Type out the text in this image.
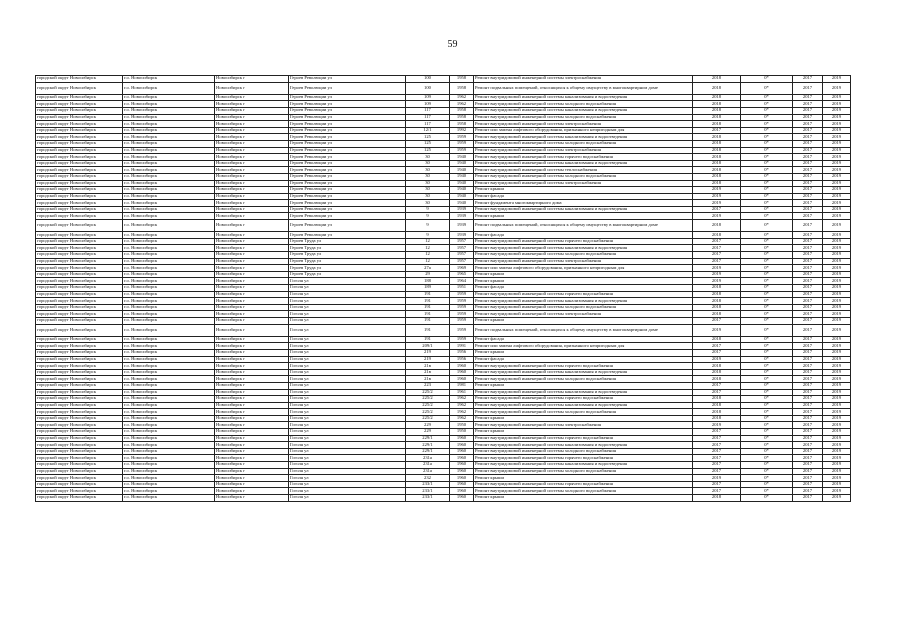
59
городской округ Новосибирск	г.о. Новосибирск	Новосибирск г	Героев Революции ул	100	1958	Ремонт внутридомовой инженерной системы электроснабжения	2018	0*	2017	2019
городской округ Новосибирск	г.о. Новосибирск	Новосибирск г	Героев Революции ул	100	1958	Ремонт подвальных помещений, относящихся к общему имуществу в многоквартирном доме	2018	0*	2017	2019
городской округ Новосибирск	г.о. Новосибирск	Новосибирск г	Героев Революции ул	109	1962	Ремонт внутридомовой инженерной системы канализования и водоотведения	2018	0*	2017	2019
городской округ Новосибирск	г.о. Новосибирск	Новосибирск г	Героев Революции ул	109	1962	Ремонт внутридомовой инженерной системы холодного водоснабжения	2018	0*	2017	2019
городской округ Новосибирск	г.о. Новосибирск	Новосибирск г	Героев Революции ул	117	1958	Ремонт внутридомовой инженерной системы канализования и водоотведения	2018	0*	2017	2019
городской округ Новосибирск	г.о. Новосибирск	Новосибирск г	Героев Революции ул	117	1958	Ремонт внутридомовой инженерной системы холодного водоснабжения	2018	0*	2017	2019
городской округ Новосибирск	г.о. Новосибирск	Новосибирск г	Героев Революции ул	117	1958	Ремонт внутридомовой инженерной системы электроснабжения	2018	0*	2017	2019
городской округ Новосибирск	г.о. Новосибирск	Новосибирск г	Героев Революции ул	12/1	1992	Ремонт или замена лифтового оборудования, признанного непригодным для	2017	0*	2017	2019
городской округ Новосибирск	г.о. Новосибирск	Новосибирск г	Героев Революции ул	125	1959	Ремонт внутридомовой инженерной системы канализования и водоотведения	2018	0*	2017	2019
городской округ Новосибирск	г.о. Новосибирск	Новосибирск г	Героев Революции ул	125	1959	Ремонт внутридомовой инженерной системы холодного водоснабжения	2018	0*	2017	2019
городской округ Новосибирск	г.о. Новосибирск	Новосибирск г	Героев Революции ул	125	1959	Ремонт внутридомовой инженерной системы электроснабжения	2018	0*	2017	2019
городской округ Новосибирск	г.о. Новосибирск	Новосибирск г	Героев Революции ул	30	1940	Ремонт внутридомовой инженерной системы горячего водоснабжения	2018	0*	2017	2019
городской округ Новосибирск	г.о. Новосибирск	Новосибирск г	Героев Революции ул	30	1940	Ремонт внутридомовой инженерной системы канализования и водоотведения	2018	0*	2017	2019
городской округ Новосибирск	г.о. Новосибирск	Новосибирск г	Героев Революции ул	30	1940	Ремонт внутридомовой инженерной системы теплоснабжения	2018	0*	2017	2019
городской округ Новосибирск	г.о. Новосибирск	Новосибирск г	Героев Революции ул	30	1940	Ремонт внутридомовой инженерной системы холодного водоснабжения	2018	0*	2017	2019
городской округ Новосибирск	г.о. Новосибирск	Новосибирск г	Героев Революции ул	30	1940	Ремонт внутридомовой инженерной системы электроснабжения	2018	0*	2017	2019
городской округ Новосибирск	г.о. Новосибирск	Новосибирск г	Героев Революции ул	30	1940	Ремонт крыши	2019	0*	2017	2019
городской округ Новосибирск	г.о. Новосибирск	Новосибирск г	Героев Революции ул	30	1940	Ремонт фасада	2019	0*	2017	2019
городской округ Новосибирск	г.о. Новосибирск	Новосибирск г	Героев Революции ул	30	1940	Ремонт фундамента многоквартирного дома	2019	0*	2017	2019
городской округ Новосибирск	г.о. Новосибирск	Новосибирск г	Героев Революции ул	9	1939	Ремонт внутридомовой инженерной системы канализования и водоотведения	2017	0*	2017	2019
городской округ Новосибирск	г.о. Новосибирск	Новосибирск г	Героев Революции ул	9	1939	Ремонт крыши	2019	0*	2017	2019
городской округ Новосибирск	г.о. Новосибирск	Новосибирск г	Героев Революции ул	9	1939	Ремонт подвальных помещений, относящихся к общему имуществу в многоквартирном доме	2018	0*	2017	2019
городской округ Новосибирск	г.о. Новосибирск	Новосибирск г	Героев Революции ул	9	1939	Ремонт фасада	2018	0*	2017	2019
городской округ Новосибирск	г.о. Новосибирск	Новосибирск г	Героев Труда ул	12	1957	Ремонт внутридомовой инженерной системы горячего водоснабжения	2017	0*	2017	2019
городской округ Новосибирск	г.о. Новосибирск	Новосибирск г	Героев Труда ул	12	1957	Ремонт внутридомовой инженерной системы канализования и водоотведения	2017	0*	2017	2019
городской округ Новосибирск	г.о. Новосибирск	Новосибирск г	Героев Труда ул	12	1957	Ремонт внутридомовой инженерной системы холодного водоснабжения	2017	0*	2017	2019
городской округ Новосибирск	г.о. Новосибирск	Новосибирск г	Героев Труда ул	12	1957	Ремонт внутридомовой инженерной системы электроснабжения	2017	0*	2017	2019
городской округ Новосибирск	г.о. Новосибирск	Новосибирск г	Героев Труда ул	27а	1969	Ремонт или замена лифтового оборудования, признанного непригодным для	2019	0*	2017	2019
городской округ Новосибирск	г.о. Новосибирск	Новосибирск г	Героев Труда ул	29	1965	Ремонт крыши	2019	0*	2017	2019
городской округ Новосибирск	г.о. Новосибирск	Новосибирск г	Гоголя ул	188	1964	Ремонт крыши	2019	0*	2017	2019
городской округ Новосибирск	г.о. Новосибирск	Новосибирск г	Гоголя ул	189	1951	Ремонт фасада	2018	0*	2017	2019
городской округ Новосибирск	г.о. Новосибирск	Новосибирск г	Гоголя ул	191	1959	Ремонт внутридомовой инженерной системы горячего водоснабжения	2018	0*	2017	2019
городской округ Новосибирск	г.о. Новосибирск	Новосибирск г	Гоголя ул	191	1959	Ремонт внутридомовой инженерной системы канализования и водоотведения	2018	0*	2017	2019
городской округ Новосибирск	г.о. Новосибирск	Новосибирск г	Гоголя ул	191	1959	Ремонт внутридомовой инженерной системы холодного водоснабжения	2018	0*	2017	2019
городской округ Новосибирск	г.о. Новосибирск	Новосибирск г	Гоголя ул	191	1959	Ремонт внутридомовой инженерной системы электроснабжения	2018	0*	2017	2019
городской округ Новосибирск	г.о. Новосибирск	Новосибирск г	Гоголя ул	191	1959	Ремонт крыши	2017	0*	2017	2019
городской округ Новосибирск	г.о. Новосибирск	Новосибирск г	Гоголя ул	191	1959	Ремонт подвальных помещений, относящихся к общему имуществу в многоквартирном доме	2019	0*	2017	2019
городской округ Новосибирск	г.о. Новосибирск	Новосибирск г	Гоголя ул	191	1959	Ремонт фасада	2018	0*	2017	2019
городской округ Новосибирск	г.о. Новосибирск	Новосибирск г	Гоголя ул	209/1	1991	Ремонт или замена лифтового оборудования, признанного непригодным для	2017	0*	2017	2019
городской округ Новосибирск	г.о. Новосибирск	Новосибирск г	Гоголя ул	219	1956	Ремонт крыши	2017	0*	2017	2019
городской округ Новосибирск	г.о. Новосибирск	Новосибирск г	Гоголя ул	219	1956	Ремонт фасада	2019	0*	2017	2019
городской округ Новосибирск	г.о. Новосибирск	Новосибирск г	Гоголя ул	21в	1960	Ремонт внутридомовой инженерной системы горячего водоснабжения	2018	0*	2017	2019
городской округ Новосибирск	г.о. Новосибирск	Новосибирск г	Гоголя ул	21в	1960	Ремонт внутридомовой инженерной системы канализования и водоотведения	2018	0*	2017	2019
городской округ Новосибирск	г.о. Новосибирск	Новосибирск г	Гоголя ул	21в	1960	Ремонт внутридомовой инженерной системы холодного водоснабжения	2018	0*	2017	2019
городской округ Новосибирск	г.о. Новосибирск	Новосибирск г	Гоголя ул	223	1981	Ремонт крыши	2017	0*	2017	2019
городской округ Новосибирск	г.о. Новосибирск	Новосибирск г	Гоголя ул	225/2	1961	Ремонт внутридомовой инженерной системы канализования и водоотведения	2017	0*	2017	2019
городской округ Новосибирск	г.о. Новосибирск	Новосибирск г	Гоголя ул	225/2	1962	Ремонт внутридомовой инженерной системы горячего водоснабжения	2018	0*	2017	2019
городской округ Новосибирск	г.о. Новосибирск	Новосибирск г	Гоголя ул	225/2	1962	Ремонт внутридомовой инженерной системы канализования и водоотведения	2018	0*	2017	2019
городской округ Новосибирск	г.о. Новосибирск	Новосибирск г	Гоголя ул	225/2	1962	Ремонт внутридомовой инженерной системы холодного водоснабжения	2018	0*	2017	2019
городской округ Новосибирск	г.о. Новосибирск	Новосибирск г	Гоголя ул	225/2	1962	Ремонт крыши	2018	0*	2017	2019
городской округ Новосибирск	г.о. Новосибирск	Новосибирск г	Гоголя ул	229	1950	Ремонт внутридомовой инженерной системы электроснабжения	2019	0*	2017	2019
городской округ Новосибирск	г.о. Новосибирск	Новосибирск г	Гоголя ул	229	1950	Ремонт крыши	2017	0*	2017	2019
городской округ Новосибирск	г.о. Новосибирск	Новосибирск г	Гоголя ул	229/1	1960	Ремонт внутридомовой инженерной системы горячего водоснабжения	2017	0*	2017	2019
городской округ Новосибирск	г.о. Новосибирск	Новосибирск г	Гоголя ул	229/1	1960	Ремонт внутридомовой инженерной системы канализования и водоотведения	2017	0*	2017	2019
городской округ Новосибирск	г.о. Новосибирск	Новосибирск г	Гоголя ул	229/1	1960	Ремонт внутридомовой инженерной системы холодного водоснабжения	2017	0*	2017	2019
городской округ Новосибирск	г.о. Новосибирск	Новосибирск г	Гоголя ул	231а	1960	Ремонт внутридомовой инженерной системы горячего водоснабжения	2017	0*	2017	2019
городской округ Новосибирск	г.о. Новосибирск	Новосибирск г	Гоголя ул	231а	1960	Ремонт внутридомовой инженерной системы канализования и водоотведения	2017	0*	2017	2019
городской округ Новосибирск	г.о. Новосибирск	Новосибирск г	Гоголя ул	231а	1960	Ремонт внутридомовой инженерной системы холодного водоснабжения	2017	0*	2017	2019
городской округ Новосибирск	г.о. Новосибирск	Новосибирск г	Гоголя ул	232	1960	Ремонт крыши	2019	0*	2017	2019
городской округ Новосибирск	г.о. Новосибирск	Новосибирск г	Гоголя ул	233/1	1960	Ремонт внутридомовой инженерной системы горячего водоснабжения	2017	0*	2017	2019
городской округ Новосибирск	г.о. Новосибирск	Новосибирск г	Гоголя ул	233/1	1960	Ремонт внутридомовой инженерной системы холодного водоснабжения	2017	0*	2017	2019
городской округ Новосибирск	г.о. Новосибирск	Новосибирск г	Гоголя ул	233/1	1960	Ремонт крыши	2018	0*	2017	2019
